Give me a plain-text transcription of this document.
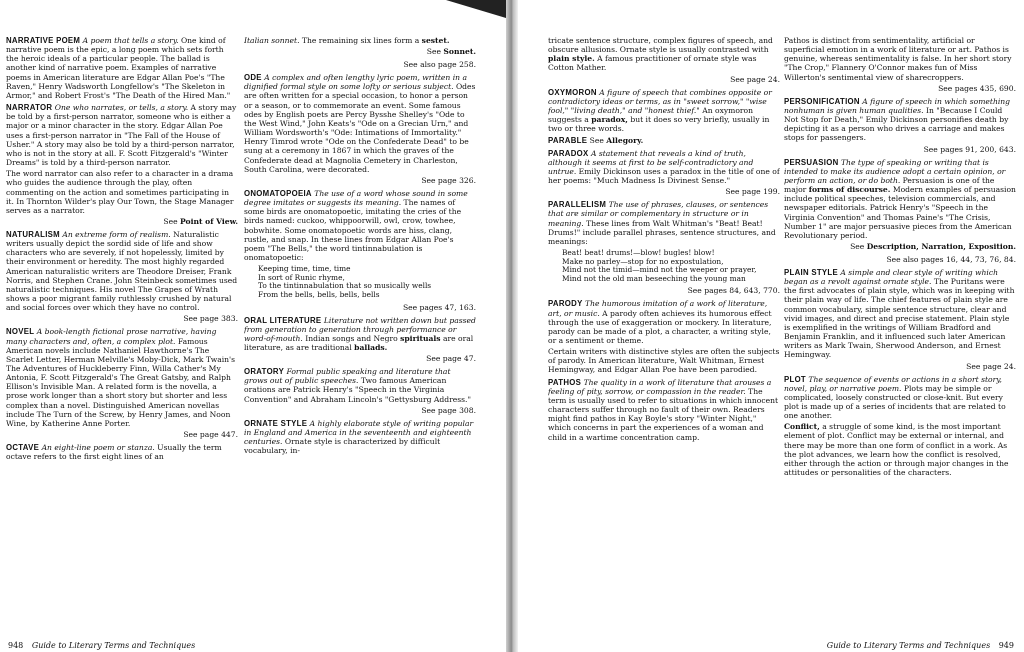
NARRATIVE POEM A poem that tells a story. One kind of narrative poem is the epic, a long poem which sets forth the heroic ideals of a particular people. The ballad is another kind of narrative poem. Examples of narrative poems in American literature are Edgar Allan Poe's "The Raven," Henry Wadsworth Longfellow's "The Skeleton in Armor," and Robert Frost's "The Death of the Hired Man."

NARRATOR One who narrates, or tells, a story. A story may be told by a first-person narrator, someone who is either a major or a minor character in the story. Edgar Allan Poe uses a first-person narrator in "The Fall of the House of Usher." A story may also be told by a third-person narrator, who is not in the story at all. F. Scott Fitzgerald's "Winter Dreams" is told by a third-person narrator.

The word narrator can also refer to a character in a drama who guides the audience through the play, often commenting on the action and sometimes participating in it. In Thornton Wilder's play Our Town, the Stage Manager serves as a narrator.

See Point of View.

NATURALISM An extreme form of realism. Naturalistic writers usually depict the sordid side of life and show characters who are severely, if not hopelessly, limited by their environment or heredity. The most highly regarded American naturalistic writers are Theodore Dreiser, Frank Norris, and Stephen Crane. John Steinbeck sometimes used naturalistic techniques. His novel The Grapes of Wrath shows a poor migrant family ruthlessly crushed by natural and social forces over which they have no control.

See page 383.

NOVEL A book-length fictional prose narrative, having many characters and, often, a complex plot. Famous American novels include Nathaniel Hawthorne's The Scarlet Letter, Herman Melville's Moby-Dick, Mark Twain's The Adventures of Huckleberry Finn, Willa Cather's My Antonia, F. Scott Fitzgerald's The Great Gatsby, and Ralph Ellison's Invisible Man. A related form is the novella, a prose work longer than a short story but shorter and less complex than a novel. Distinguished American novellas include The Turn of the Screw, by Henry James, and Noon Wine, by Katherine Anne Porter.

See page 447.

OCTAVE An eight-line poem or stanza. Usually the term octave refers to the first eight lines of an

Italian sonnet. The remaining six lines form a sestet.

See Sonnet.
See also page 258.

ODE A complex and often lengthy lyric poem, written in a dignified formal style on some lofty or serious subject. Odes are often written for a special occasion, to honor a person or a season, or to commemorate an event. Some famous odes by English poets are Percy Bysshe Shelley's "Ode to the West Wind," John Keats's "Ode on a Grecian Urn," and William Wordsworth's "Ode: Intimations of Immortality." Henry Timrod wrote "Ode on the Confederate Dead" to be sung at a ceremony in 1867 in which the graves of the Confederate dead at Magnolia Cemetery in Charleston, South Carolina, were decorated.

See page 326.

ONOMATOPOEIA The use of a word whose sound in some degree imitates or suggests its meaning. The names of some birds are onomatopoetic, imitating the cries of the birds named: cuckoo, whippoorwill, owl, crow, towhee, bobwhite. Some onomatopoetic words are hiss, clang, rustle, and snap. In these lines from Edgar Allan Poe's poem "The Bells," the word tintinnabulation is onomatopoetic:

Keeping time, time, time
In sort of Runic rhyme,
To the tintinnabulation that so musically wells
From the bells, bells, bells, bells
See pages 47, 163.

ORAL LITERATURE Literature not written down but passed from generation to generation through performance or word-of-mouth. Indian songs and Negro spirituals are oral literature, as are traditional ballads.

See page 47.

ORATORY Formal public speaking and literature that grows out of public speeches. Two famous American orations are Patrick Henry's "Speech in the Virginia Convention" and Abraham Lincoln's "Gettysburg Address."

See page 308.

ORNATE STYLE A highly elaborate style of writing popular in England and America in the seventeenth and eighteenth centuries. Ornate style is characterized by difficult vocabulary, in-

948 Guide to Literary Terms and Techniques

tricate sentence structure, complex figures of speech, and obscure allusions. Ornate style is usually contrasted with plain style. A famous practitioner of ornate style was Cotton Mather.

See page 24.

OXYMORON A figure of speech that combines opposite or contradictory ideas or terms, as in "sweet sorrow," "wise fool," "living death," and "honest thief." An oxymoron suggests a paradox, but it does so very briefly, usually in two or three words.

PARABLE See Allegory.

PARADOX A statement that reveals a kind of truth, although it seems at first to be self-contradictory and untrue. Emily Dickinson uses a paradox in the title of one of her poems: "Much Madness Is Divinest Sense."

See page 199.

PARALLELISM The use of phrases, clauses, or sentences that are similar or complementary in structure or in meaning. These lines from Walt Whitman's "Beat! Beat! Drums!" include parallel phrases, sentence structures, and meanings:

Beat! beat! drums!—blow! bugles! blow!
Make no parley—stop for no expostulation,
Mind not the timid—mind not the weeper or prayer,
Mind not the old man beseeching the young man
See pages 84, 643, 770.

PARODY The humorous imitation of a work of literature, art, or music. A parody often achieves its humorous effect through the use of exaggeration or mockery. In literature, parody can be made of a plot, a character, a writing style, or a sentiment or theme.

Certain writers with distinctive styles are often the subjects of parody. In American literature, Walt Whitman, Ernest Hemingway, and Edgar Allan Poe have been parodied.

PATHOS The quality in a work of literature that arouses a feeling of pity, sorrow, or compassion in the reader. The term is usually used to refer to situations in which innocent characters suffer through no fault of their own. Readers might find pathos in Kay Boyle's story "Winter Night," which concerns in part the experiences of a woman and child in a wartime concentration camp.

Pathos is distinct from sentimentality, artificial or superficial emotion in a work of literature or art. Pathos is genuine, whereas sentimentality is false. In her short story "The Crop," Flannery O'Connor makes fun of Miss Willerton's sentimental view of sharecroppers.

See pages 435, 690.

PERSONIFICATION A figure of speech in which something nonhuman is given human qualities. In "Because I Could Not Stop for Death," Emily Dickinson personifies death by depicting it as a person who drives a carriage and makes stops for passengers.

See pages 91, 200, 643.

PERSUASION The type of speaking or writing that is intended to make its audience adopt a certain opinion, or perform an action, or do both. Persuasion is one of the major forms of discourse. Modern examples of persuasion include political speeches, television commercials, and newspaper editorials. Patrick Henry's "Speech in the Virginia Convention" and Thomas Paine's "The Crisis, Number 1" are major persuasive pieces from the American Revolutionary period.

See Description, Narration, Exposition.
See also pages 16, 44, 73, 76, 84.

PLAIN STYLE A simple and clear style of writing which began as a revolt against ornate style. The Puritans were the first advocates of plain style, which was in keeping with their plain way of life. The chief features of plain style are common vocabulary, simple sentence structure, clear and vivid images, and direct and precise statement. Plain style is exemplified in the writings of William Bradford and Benjamin Franklin, and it influenced such later American writers as Mark Twain, Sherwood Anderson, and Ernest Hemingway.

See page 24.

PLOT The sequence of events or actions in a short story, novel, play, or narrative poem. Plots may be simple or complicated, loosely constructed or close-knit. But every plot is made up of a series of incidents that are related to one another.

Conflict, a struggle of some kind, is the most important element of plot. Conflict may be external or internal, and there may be more than one form of conflict in a work. As the plot advances, we learn how the conflict is resolved, either through the action or through major changes in the attitudes or personalities of the characters.

Guide to Literary Terms and Techniques 949
